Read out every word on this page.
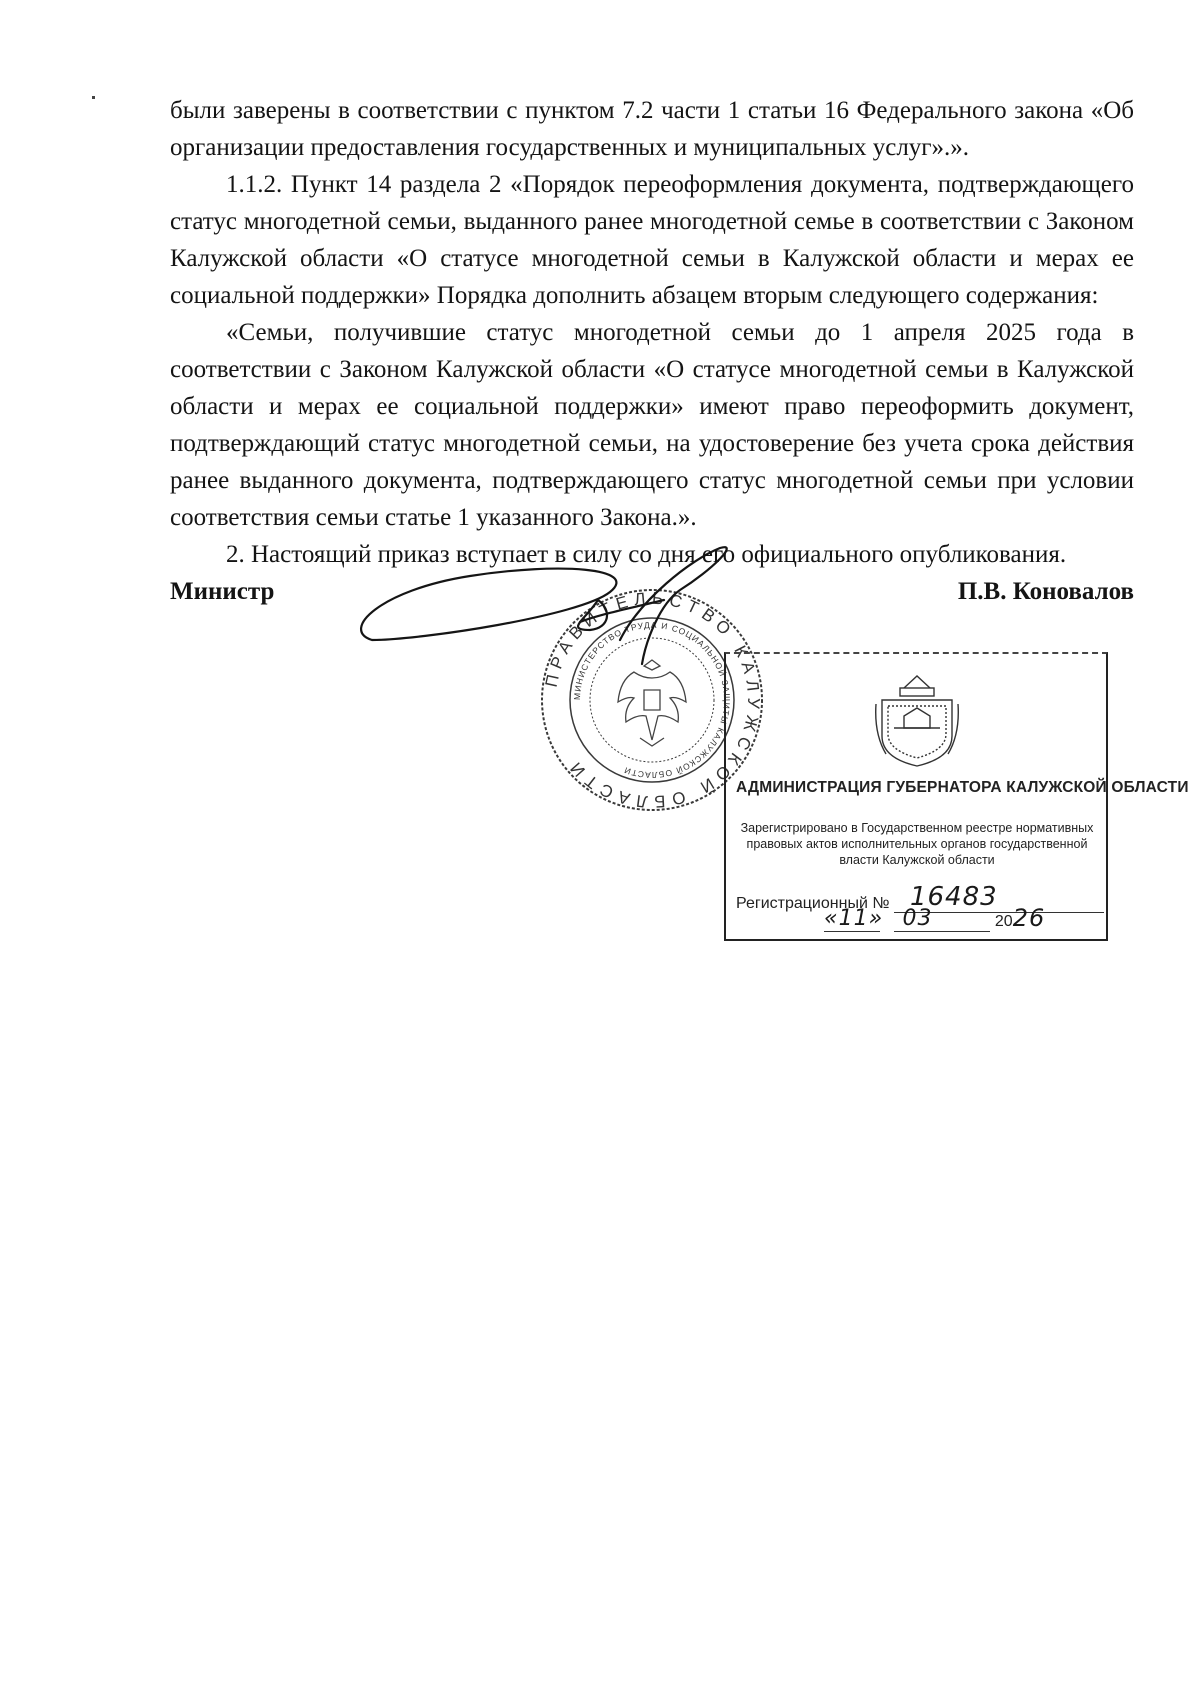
были заверены в соответствии с пунктом 7.2 части 1 статьи 16 Федерального закона «Об организации предоставления государственных и муниципальных услуг».».

1.1.2. Пункт 14 раздела 2 «Порядок переоформления документа, подтверждающего статус многодетной семьи, выданного ранее многодетной семье в соответствии с Законом Калужской области «О статусе многодетной семьи в Калужской области и мерах ее социальной поддержки» Порядка дополнить абзацем вторым следующего содержания:

«Семьи, получившие статус многодетной семьи до 1 апреля 2025 года в соответствии с Законом Калужской области «О статусе многодетной семьи в Калужской области и мерах ее социальной поддержки» имеют право переоформить документ, подтверждающий статус многодетной семьи, на удостоверение без учета срока действия ранее выданного документа, подтверждающего статус многодетной семьи при условии соответствия семьи статье 1 указанного Закона.».

2. Настоящий приказ вступает в силу со дня его официального опубликования.

ПРАВИТЕЛЬСТВО КАЛУЖСКОЙ ОБЛАСТИ
МИНИСТЕРСТВО ТРУДА И СОЦИАЛЬНОЙ ЗАЩИТЫ КАЛУЖСКОЙ ОБЛАСТИ
Министр	П.В. Коновалов
АДМИНИСТРАЦИЯ ГУБЕРНАТОРА КАЛУЖСКОЙ ОБЛАСТИ
Зарегистрировано в Государственном реестре нормативных правовых актов исполнительных органов государственной власти Калужской области
Регистрационный № 16483
«11» 03	2026
